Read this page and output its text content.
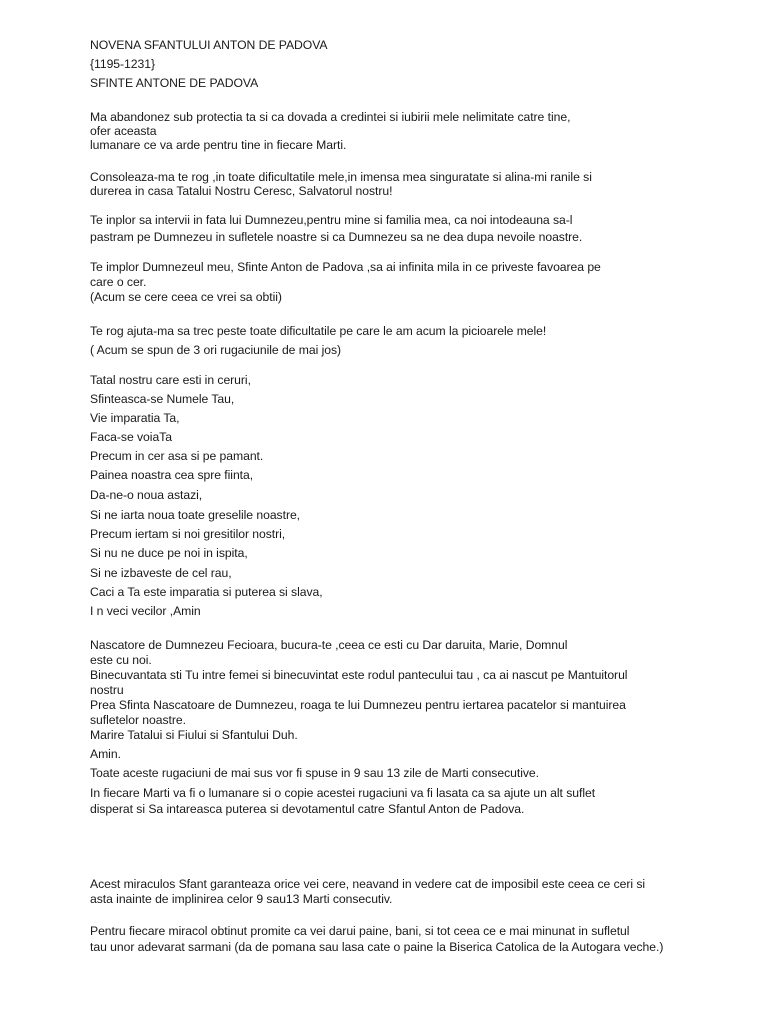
NOVENA SFANTULUI ANTON DE PADOVA
{1195-1231}
SFINTE ANTONE DE PADOVA
Ma abandonez sub protectia ta si ca dovada a credintei si iubirii mele nelimitate catre tine,
ofer aceasta
lumanare ce va arde pentru tine in fiecare Marti.
Consoleaza-ma te rog ,in toate dificultatile mele,in imensa mea singuratate si alina-mi ranile si
durerea in casa Tatalui Nostru Ceresc, Salvatorul nostru!
Te inplor sa intervii in fata lui Dumnezeu,pentru mine si familia mea, ca noi intodeauna sa-l
pastram pe Dumnezeu in sufletele noastre si ca Dumnezeu sa ne dea dupa nevoile noastre.
Te implor Dumnezeul meu, Sfinte Anton de Padova ,sa ai infinita mila in ce priveste favoarea pe
care o cer.
(Acum se cere ceea ce vrei sa obtii)
Te rog ajuta-ma sa trec peste toate dificultatile pe care le am acum la picioarele mele!
( Acum se spun de 3 ori rugaciunile de mai jos)
Tatal nostru care esti in ceruri,
Sfinteasca-se Numele Tau,
Vie imparatia Ta,
Faca-se voiaTa
Precum in cer asa si pe pamant.
Painea noastra cea spre fiinta,
Da-ne-o noua astazi,
Si ne iarta noua toate greselile noastre,
Precum iertam si noi gresitilor nostri,
Si nu ne duce pe noi in ispita,
Si ne izbaveste de cel rau,
Caci a Ta este imparatia si puterea si slava,
I n veci vecilor ,Amin
Nascatore de Dumnezeu Fecioara, bucura-te ,ceea ce esti cu Dar daruita, Marie, Domnul
este cu noi.
Binecuvantata sti Tu intre femei si binecuvintat este rodul pantecului tau , ca ai nascut pe Mantuitorul
nostru
Prea Sfinta Nascatoare de Dumnezeu, roaga te lui Dumnezeu pentru iertarea pacatelor si mantuirea
sufletelor noastre.
Marire Tatalui si Fiului si Sfantului Duh.
Amin.
Toate aceste rugaciuni de mai sus vor fi spuse in 9 sau 13 zile de Marti consecutive.
In fiecare Marti va fi o lumanare si o copie acestei rugaciuni va fi lasata ca sa ajute un alt suflet
disperat si Sa intareasca puterea si devotamentul catre Sfantul Anton de Padova.
Acest miraculos Sfant garanteaza orice vei cere, neavand in vedere cat de imposibil este ceea ce ceri si
asta inainte de implinirea celor 9 sau13 Marti consecutiv.
Pentru fiecare miracol obtinut promite ca vei darui paine, bani, si tot ceea ce e mai minunat in sufletul
tau unor adevarat sarmani (da de pomana sau lasa cate o paine la Biserica Catolica de la Autogara veche.)
